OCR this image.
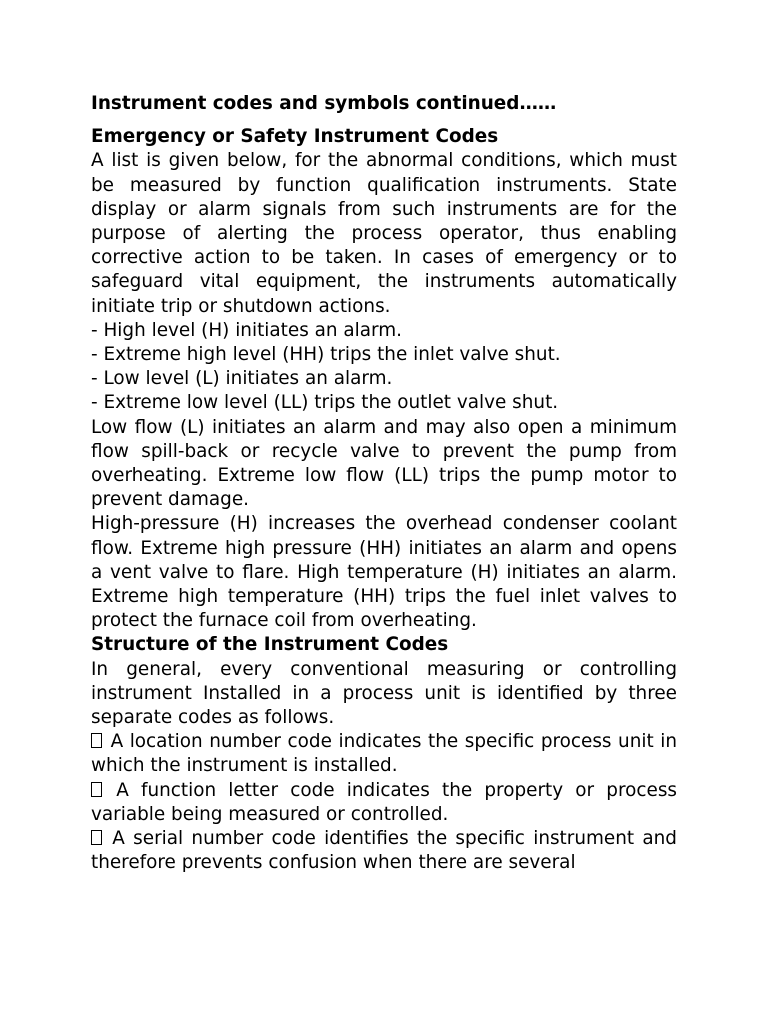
Instrument codes and symbols continued……

Emergency or Safety Instrument Codes

A list is given below, for the abnormal conditions, which must be measured by function qualification instruments. State display or alarm signals from such instruments are for the purpose of alerting the process operator, thus enabling corrective action to be taken. In cases of emergency or to safeguard vital equipment, the instruments automatically initiate trip or shutdown actions.

- High level (H) initiates an alarm.

- Extreme high level (HH) trips the inlet valve shut.

- Low level (L) initiates an alarm.

- Extreme low level (LL) trips the outlet valve shut.

Low flow (L) initiates an alarm and may also open a minimum flow spill-back or recycle valve to prevent the pump from overheating. Extreme low flow (LL) trips the pump motor to prevent damage.

High-pressure (H) increases the overhead condenser coolant flow. Extreme high pressure (HH) initiates an alarm and opens a vent valve to flare. High temperature (H) initiates an alarm. Extreme high temperature (HH) trips the fuel inlet valves to protect the furnace coil from overheating.

Structure of the Instrument Codes

In general, every conventional measuring or controlling instrument Installed in a process unit is identified by three separate codes as follows.

A location number code indicates the specific process unit in which the instrument is installed.

A function letter code indicates the property or process variable being measured or controlled.

A serial number code identifies the specific instrument and therefore prevents confusion when there are several
